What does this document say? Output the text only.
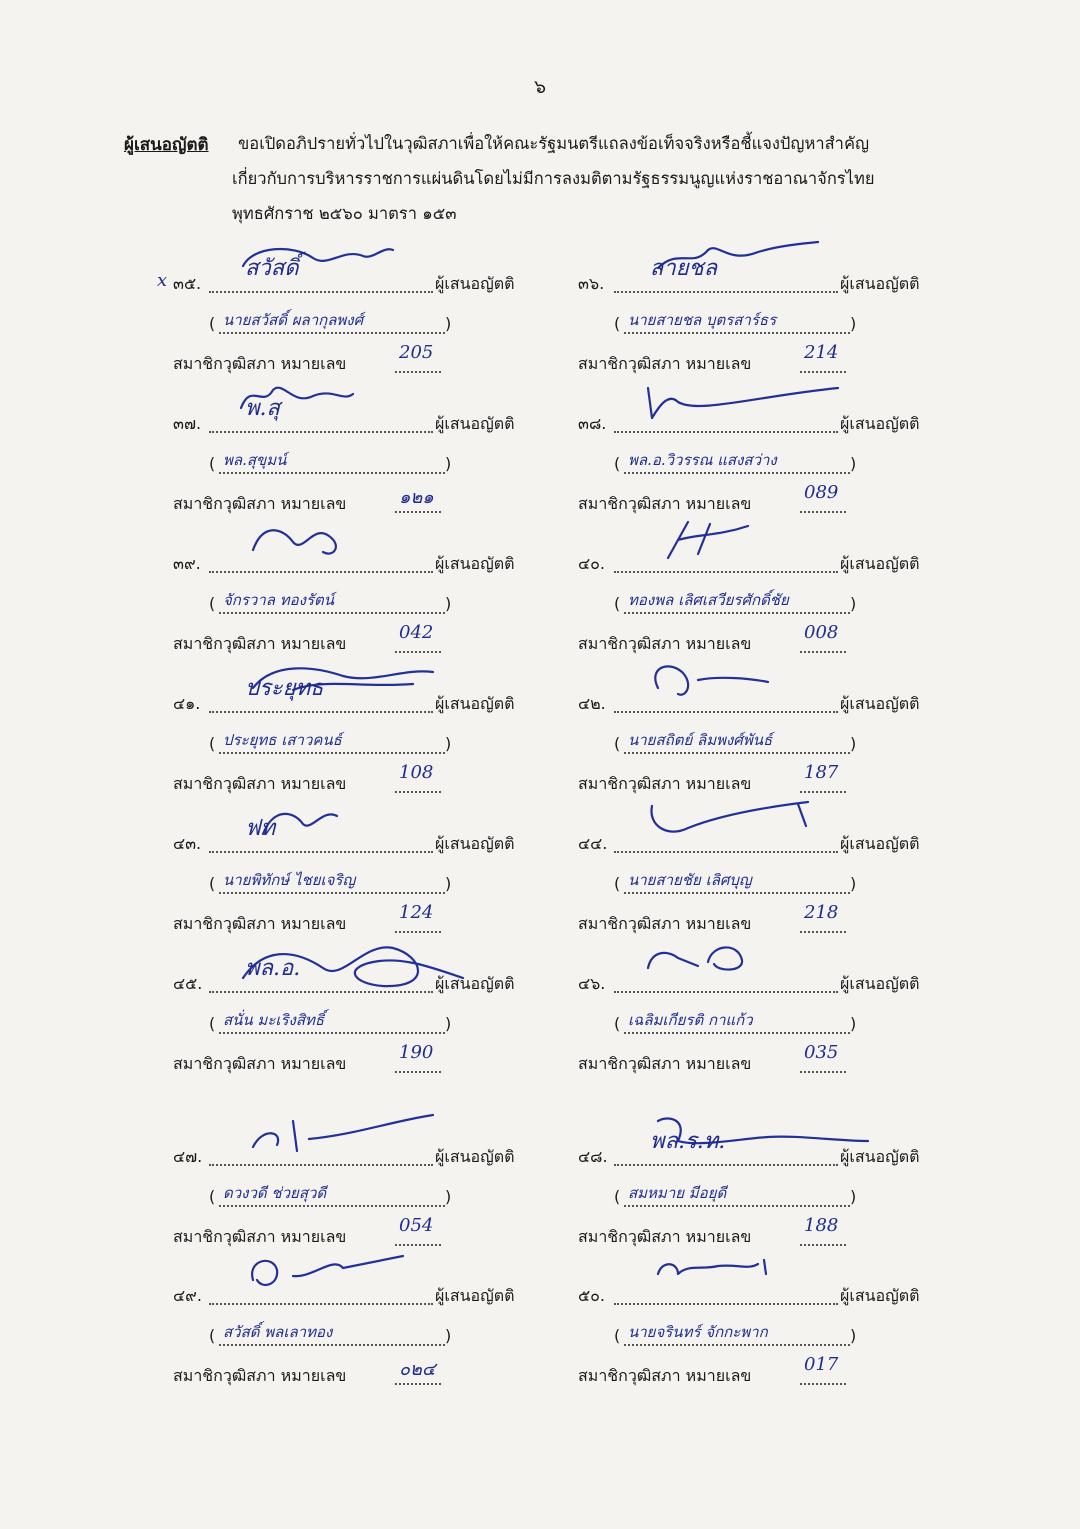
๖
ผู้เสนอญัตติ ขอเปิดอภิปรายทั่วไปในวุฒิสภาเพื่อให้คณะรัฐมนตรีแถลงข้อเท็จจริงหรือชี้แจงปัญหาสำคัญ
เกี่ยวกับการบริหารราชการแผ่นดินโดยไม่มีการลงมติตามรัฐธรรมนูญแห่งราชอาณาจักรไทย
พุทธศักราช ๒๕๖๐ มาตรา ๑๕๓
๓๕.	ผู้เสนอญัตติ
สวัสดิ์
x
(	)
นายสวัสดิ์ ผลากุลพงศ์
สมาชิกวุฒิสภา หมายเลข
205
๓๖.	ผู้เสนอญัตติ
สายชล
(	)
นายสายชล บุตรสาร์ธร
สมาชิกวุฒิสภา หมายเลข
214
๓๗.	ผู้เสนอญัตติ
พ.สุ
(	)
พล.สุขุมน์
สมาชิกวุฒิสภา หมายเลข	๑๒๑
๓๘.	ผู้เสนอญัตติ
(	)
พล.อ.วิวรรณ แสงสว่าง
สมาชิกวุฒิสภา หมายเลข
089
๓๙.	ผู้เสนอญัตติ
(	)
จักรวาล ทองรัตน์
สมาชิกวุฒิสภา หมายเลข
042
๔๐.	ผู้เสนอญัตติ
(	)
ทองพล เลิศเสวียรศักดิ์ชัย
สมาชิกวุฒิสภา หมายเลข
008
๔๑.	ผู้เสนอญัตติ
ประยุทธ
(	)
ประยุทธ เสาวคนธ์
สมาชิกวุฒิสภา หมายเลข
108
๔๒.	ผู้เสนอญัตติ
(	)
นายสถิตย์ ลิมพงศ์พันธ์
สมาชิกวุฒิสภา หมายเลข
187
๔๓.	ผู้เสนอญัตติ
ฟท
(	)
นายพิทักษ์ ไชยเจริญ
สมาชิกวุฒิสภา หมายเลข
124
๔๔.	ผู้เสนอญัตติ
(	)
นายสายชัย เลิศบุญ
สมาชิกวุฒิสภา หมายเลข
218
๔๕.	ผู้เสนอญัตติ
พล.อ.
(	)
สนั่น มะเริงสิทธิ์
สมาชิกวุฒิสภา หมายเลข
190
๔๖.	ผู้เสนอญัตติ
(	)
เฉลิมเกียรติ กาแก้ว
สมาชิกวุฒิสภา หมายเลข
035
๔๗.	ผู้เสนอญัตติ
(	)
ดวงวดี ช่วยสุวดี
สมาชิกวุฒิสภา หมายเลข
054
๔๘.	ผู้เสนอญัตติ
พล.ร.ท.
(	)
สมหมาย มีอยุดี
สมาชิกวุฒิสภา หมายเลข
188
๔๙.	ผู้เสนอญัตติ
(	)
สวัสดิ์ พลเลาทอง
สมาชิกวุฒิสภา หมายเลข	๐๒๔
๕๐.	ผู้เสนอญัตติ
(	)
นายจรินทร์ จักกะพาก
สมาชิกวุฒิสภา หมายเลข
017
